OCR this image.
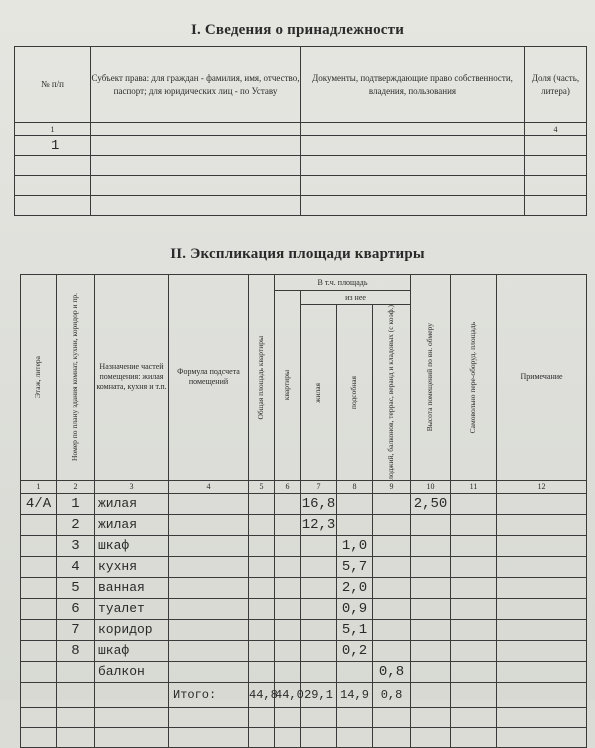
I. Сведения о принадлежности
№ п/п	Субъект права: для граждан - фамилия, имя, отчество, паспорт; для юридических лиц - по Уставу	Документы, подтверждающие право собственности, владения, пользования	Доля (часть, литера)
1			4
1			

II. Экспликация площади квартиры
Этаж, литера	Номер по плану здания комнат, кухни, коридор и пр.	Назначение частей помещения: жилая комната, кухня и т.п.	Формула подсчета помещений	Общая площадь квартиры	В т.ч. площадь				Высота помещений по вн. обмеру	Самовольно пере-оборуд. площадь	Примечание

					квартиры	из нее					

						жилая	подсобная	лоджий, балконов, террас, веранд и кладовых (с коэф.)			

1	2	3	4	5	6	7	8	9	10	11	12
4/А	1	жилая				16,8			2,50		
	2	жилая				12,3					
	3	шкаф					1,0				
	4	кухня					5,7				
	5	ванная					2,0				
	6	туалет					0,9				
	7	коридор					5,1				
	8	шкаф					0,2				
		балкон						0,8			
			Итого:	44,8	44,0	29,1	14,9	0,8			
